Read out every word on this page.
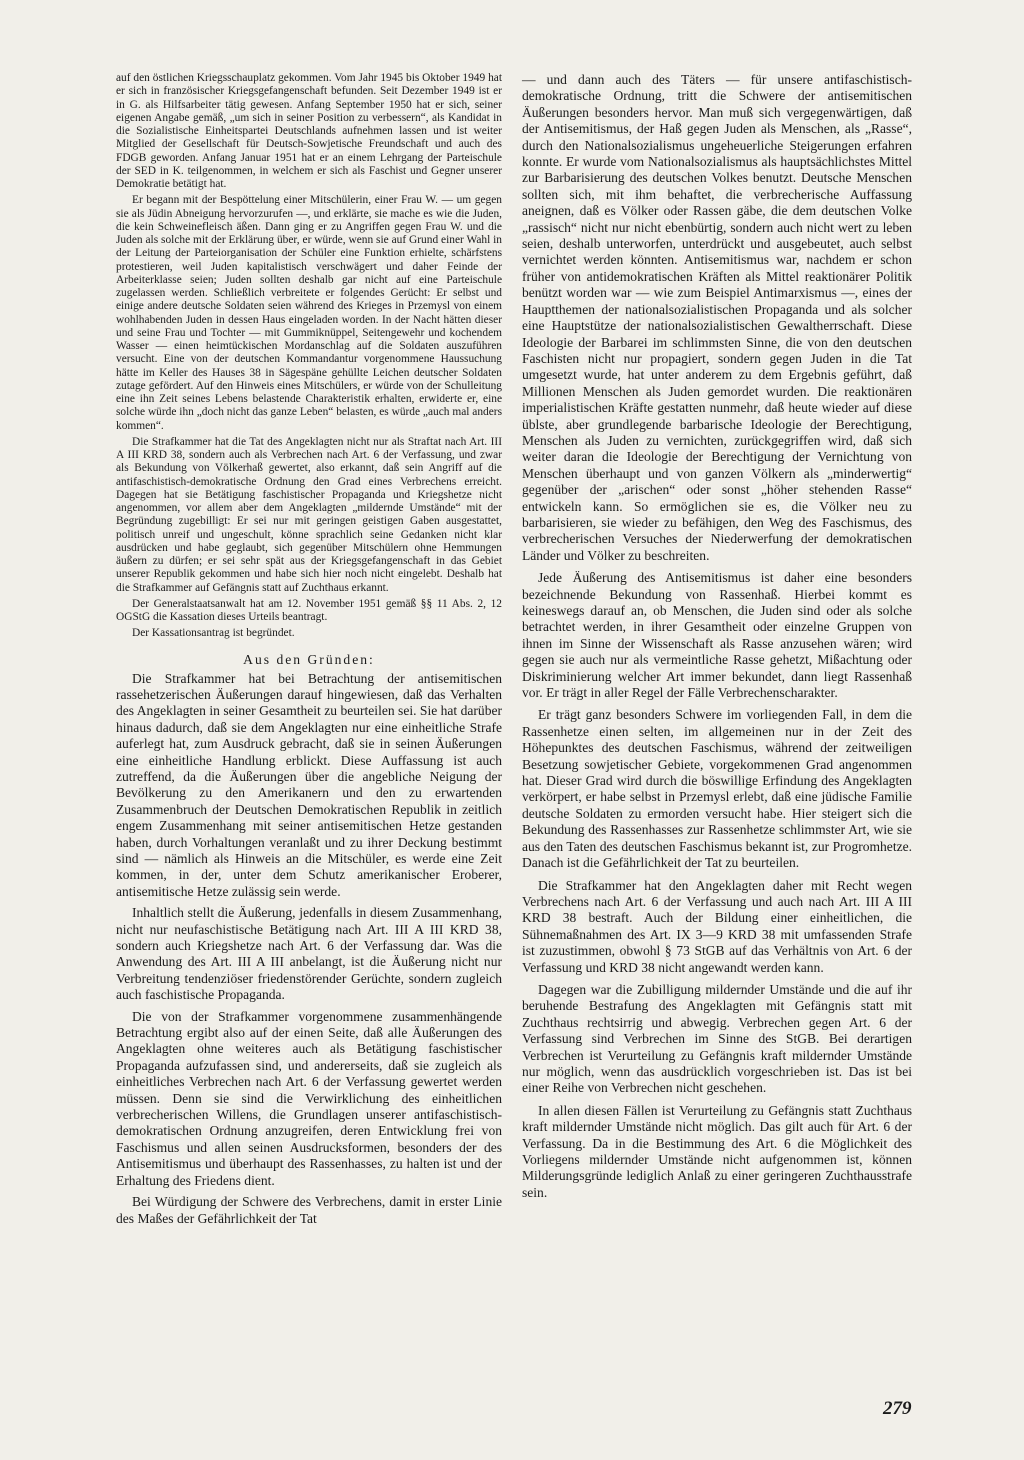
auf den östlichen Kriegsschauplatz gekommen. Vom Jahr 1945 bis Oktober 1949 hat er sich in französischer Kriegsgefangenschaft befunden. Seit Dezember 1949 ist er in G. als Hilfsarbeiter tätig gewesen. Anfang September 1950 hat er sich, seiner eigenen Angabe gemäß, „um sich in seiner Position zu verbessern“, als Kandidat in die Sozialistische Einheitspartei Deutschlands aufnehmen lassen und ist weiter Mitglied der Gesellschaft für Deutsch-Sowjetische Freundschaft und auch des FDGB geworden. Anfang Januar 1951 hat er an einem Lehrgang der Parteischule der SED in K. teilgenommen, in welchem er sich als Faschist und Gegner unserer Demokratie betätigt hat.

Er begann mit der Bespöttelung einer Mitschülerin, einer Frau W. — um gegen sie als Jüdin Abneigung hervorzurufen —, und erklärte, sie mache es wie die Juden, die kein Schweinefleisch äßen. Dann ging er zu Angriffen gegen Frau W. und die Juden als solche mit der Erklärung über, er würde, wenn sie auf Grund einer Wahl in der Leitung der Parteiorganisation der Schüler eine Funktion erhielte, schärfstens protestieren, weil Juden kapitalistisch verschwägert und daher Feinde der Arbeiterklasse seien; Juden sollten deshalb gar nicht auf eine Parteischule zugelassen werden. Schließlich verbreitete er folgendes Gerücht: Er selbst und einige andere deutsche Soldaten seien während des Krieges in Przemysl von einem wohlhabenden Juden in dessen Haus eingeladen worden. In der Nacht hätten dieser und seine Frau und Tochter — mit Gummiknüppel, Seitengewehr und kochendem Wasser — einen heimtückischen Mordanschlag auf die Soldaten auszuführen versucht. Eine von der deutschen Kommandantur vorgenommene Haussuchung hätte im Keller des Hauses 38 in Sägespäne gehüllte Leichen deutscher Soldaten zutage gefördert. Auf den Hinweis eines Mitschülers, er würde von der Schulleitung eine ihn Zeit seines Lebens belastende Charakteristik erhalten, erwiderte er, eine solche würde ihn „doch nicht das ganze Leben“ belasten, es würde „auch mal anders kommen“.

Die Strafkammer hat die Tat des Angeklagten nicht nur als Straftat nach Art. III A III KRD 38, sondern auch als Verbrechen nach Art. 6 der Verfassung, und zwar als Bekundung von Völkerhaß gewertet, also erkannt, daß sein Angriff auf die antifaschistisch-demokratische Ordnung den Grad eines Verbrechens erreicht. Dagegen hat sie Betätigung faschistischer Propaganda und Kriegshetze nicht angenommen, vor allem aber dem Angeklagten „mildernde Umstände“ mit der Begründung zugebilligt: Er sei nur mit geringen geistigen Gaben ausgestattet, politisch unreif und ungeschult, könne sprachlich seine Gedanken nicht klar ausdrücken und habe geglaubt, sich gegenüber Mitschülern ohne Hemmungen äußern zu dürfen; er sei sehr spät aus der Kriegsgefangenschaft in das Gebiet unserer Republik gekommen und habe sich hier noch nicht eingelebt. Deshalb hat die Strafkammer auf Gefängnis statt auf Zuchthaus erkannt.

Der Generalstaatsanwalt hat am 12. November 1951 gemäß §§ 11 Abs. 2, 12 OGStG die Kassation dieses Urteils beantragt.

Der Kassationsantrag ist begründet.

Aus den Gründen:

Die Strafkammer hat bei Betrachtung der antisemitischen rassehetzerischen Äußerungen darauf hingewiesen, daß das Verhalten des Angeklagten in seiner Gesamtheit zu beurteilen sei. Sie hat darüber hinaus dadurch, daß sie dem Angeklagten nur eine einheitliche Strafe auferlegt hat, zum Ausdruck gebracht, daß sie in seinen Äußerungen eine einheitliche Handlung erblickt. Diese Auffassung ist auch zutreffend, da die Äußerungen über die angebliche Neigung der Bevölkerung zu den Amerikanern und den zu erwartenden Zusammenbruch der Deutschen Demokratischen Republik in zeitlich engem Zusammenhang mit seiner antisemitischen Hetze gestanden haben, durch Vorhaltungen veranlaßt und zu ihrer Deckung bestimmt sind — nämlich als Hinweis an die Mitschüler, es werde eine Zeit kommen, in der, unter dem Schutz amerikanischer Eroberer, antisemitische Hetze zulässig sein werde.

Inhaltlich stellt die Äußerung, jedenfalls in diesem Zusammenhang, nicht nur neufaschistische Betätigung nach Art. III A III KRD 38, sondern auch Kriegshetze nach Art. 6 der Verfassung dar. Was die Anwendung des Art. III A III anbelangt, ist die Äußerung nicht nur Verbreitung tendenziöser friedenstörender Gerüchte, sondern zugleich auch faschistische Propaganda.

Die von der Strafkammer vorgenommene zusammenhängende Betrachtung ergibt also auf der einen Seite, daß alle Äußerungen des Angeklagten ohne weiteres auch als Betätigung faschistischer Propaganda aufzufassen sind, und andererseits, daß sie zugleich als einheitliches Verbrechen nach Art. 6 der Verfassung gewertet werden müssen. Denn sie sind die Verwirklichung des einheitlichen verbrecherischen Willens, die Grundlagen unserer antifaschistisch-demokratischen Ordnung anzugreifen, deren Entwicklung frei von Faschismus und allen seinen Ausdrucksformen, besonders der des Antisemitismus und überhaupt des Rassenhasses, zu halten ist und der Erhaltung des Friedens dient.

Bei Würdigung der Schwere des Verbrechens, damit in erster Linie des Maßes der Gefährlichkeit der Tat

— und dann auch des Täters — für unsere antifaschistisch-demokratische Ordnung, tritt die Schwere der antisemitischen Äußerungen besonders hervor. Man muß sich vergegenwärtigen, daß der Antisemitismus, der Haß gegen Juden als Menschen, als „Rasse“, durch den Nationalsozialismus ungeheuerliche Steigerungen erfahren konnte. Er wurde vom Nationalsozialismus als hauptsächlichstes Mittel zur Barbarisierung des deutschen Volkes benutzt. Deutsche Menschen sollten sich, mit ihm behaftet, die verbrecherische Auffassung aneignen, daß es Völker oder Rassen gäbe, die dem deutschen Volke „rassisch“ nicht nur nicht ebenbürtig, sondern auch nicht wert zu leben seien, deshalb unterworfen, unterdrückt und ausgebeutet, auch selbst vernichtet werden könnten. Antisemitismus war, nachdem er schon früher von antidemokratischen Kräften als Mittel reaktionärer Politik benützt worden war — wie zum Beispiel Antimarxismus —, eines der Hauptthemen der nationalsozialistischen Propaganda und als solcher eine Hauptstütze der nationalsozialistischen Gewaltherrschaft. Diese Ideologie der Barbarei im schlimmsten Sinne, die von den deutschen Faschisten nicht nur propagiert, sondern gegen Juden in die Tat umgesetzt wurde, hat unter anderem zu dem Ergebnis geführt, daß Millionen Menschen als Juden gemordet wurden. Die reaktionären imperialistischen Kräfte gestatten nunmehr, daß heute wieder auf diese üblste, aber grundlegende barbarische Ideologie der Berechtigung, Menschen als Juden zu vernichten, zurückgegriffen wird, daß sich weiter daran die Ideologie der Berechtigung der Vernichtung von Menschen überhaupt und von ganzen Völkern als „minderwertig“ gegenüber der „arischen“ oder sonst „höher stehenden Rasse“ entwickeln kann. So ermöglichen sie es, die Völker neu zu barbarisieren, sie wieder zu befähigen, den Weg des Faschismus, des verbrecherischen Versuches der Niederwerfung der demokratischen Länder und Völker zu beschreiten.

Jede Äußerung des Antisemitismus ist daher eine besonders bezeichnende Bekundung von Rassenhaß. Hierbei kommt es keineswegs darauf an, ob Menschen, die Juden sind oder als solche betrachtet werden, in ihrer Gesamtheit oder einzelne Gruppen von ihnen im Sinne der Wissenschaft als Rasse anzusehen wären; wird gegen sie auch nur als vermeintliche Rasse gehetzt, Mißachtung oder Diskriminierung welcher Art immer bekundet, dann liegt Rassenhaß vor. Er trägt in aller Regel der Fälle Verbrechenscharakter.

Er trägt ganz besonders Schwere im vorliegenden Fall, in dem die Rassenhetze einen selten, im allgemeinen nur in der Zeit des Höhepunktes des deutschen Faschismus, während der zeitweiligen Besetzung sowjetischer Gebiete, vorgekommenen Grad angenommen hat. Dieser Grad wird durch die böswillige Erfindung des Angeklagten verkörpert, er habe selbst in Przemysl erlebt, daß eine jüdische Familie deutsche Soldaten zu ermorden versucht habe. Hier steigert sich die Bekundung des Rassenhasses zur Rassenhetze schlimmster Art, wie sie aus den Taten des deutschen Faschismus bekannt ist, zur Progromhetze. Danach ist die Gefährlichkeit der Tat zu beurteilen.

Die Strafkammer hat den Angeklagten daher mit Recht wegen Verbrechens nach Art. 6 der Verfassung und auch nach Art. III A III KRD 38 bestraft. Auch der Bildung einer einheitlichen, die Sühnemaßnahmen des Art. IX 3—9 KRD 38 mit umfassenden Strafe ist zuzustimmen, obwohl § 73 StGB auf das Verhältnis von Art. 6 der Verfassung und KRD 38 nicht angewandt werden kann.

Dagegen war die Zubilligung mildernder Umstände und die auf ihr beruhende Bestrafung des Angeklagten mit Gefängnis statt mit Zuchthaus rechtsirrig und abwegig. Verbrechen gegen Art. 6 der Verfassung sind Verbrechen im Sinne des StGB. Bei derartigen Verbrechen ist Verurteilung zu Gefängnis kraft mildernder Umstände nur möglich, wenn das ausdrücklich vorgeschrieben ist. Das ist bei einer Reihe von Verbrechen nicht geschehen.

In allen diesen Fällen ist Verurteilung zu Gefängnis statt Zuchthaus kraft mildernder Umstände nicht möglich. Das gilt auch für Art. 6 der Verfassung. Da in die Bestimmung des Art. 6 die Möglichkeit des Vorliegens mildernder Umstände nicht aufgenommen ist, können Milderungsgründe lediglich Anlaß zu einer geringeren Zuchthausstrafe sein.

279
